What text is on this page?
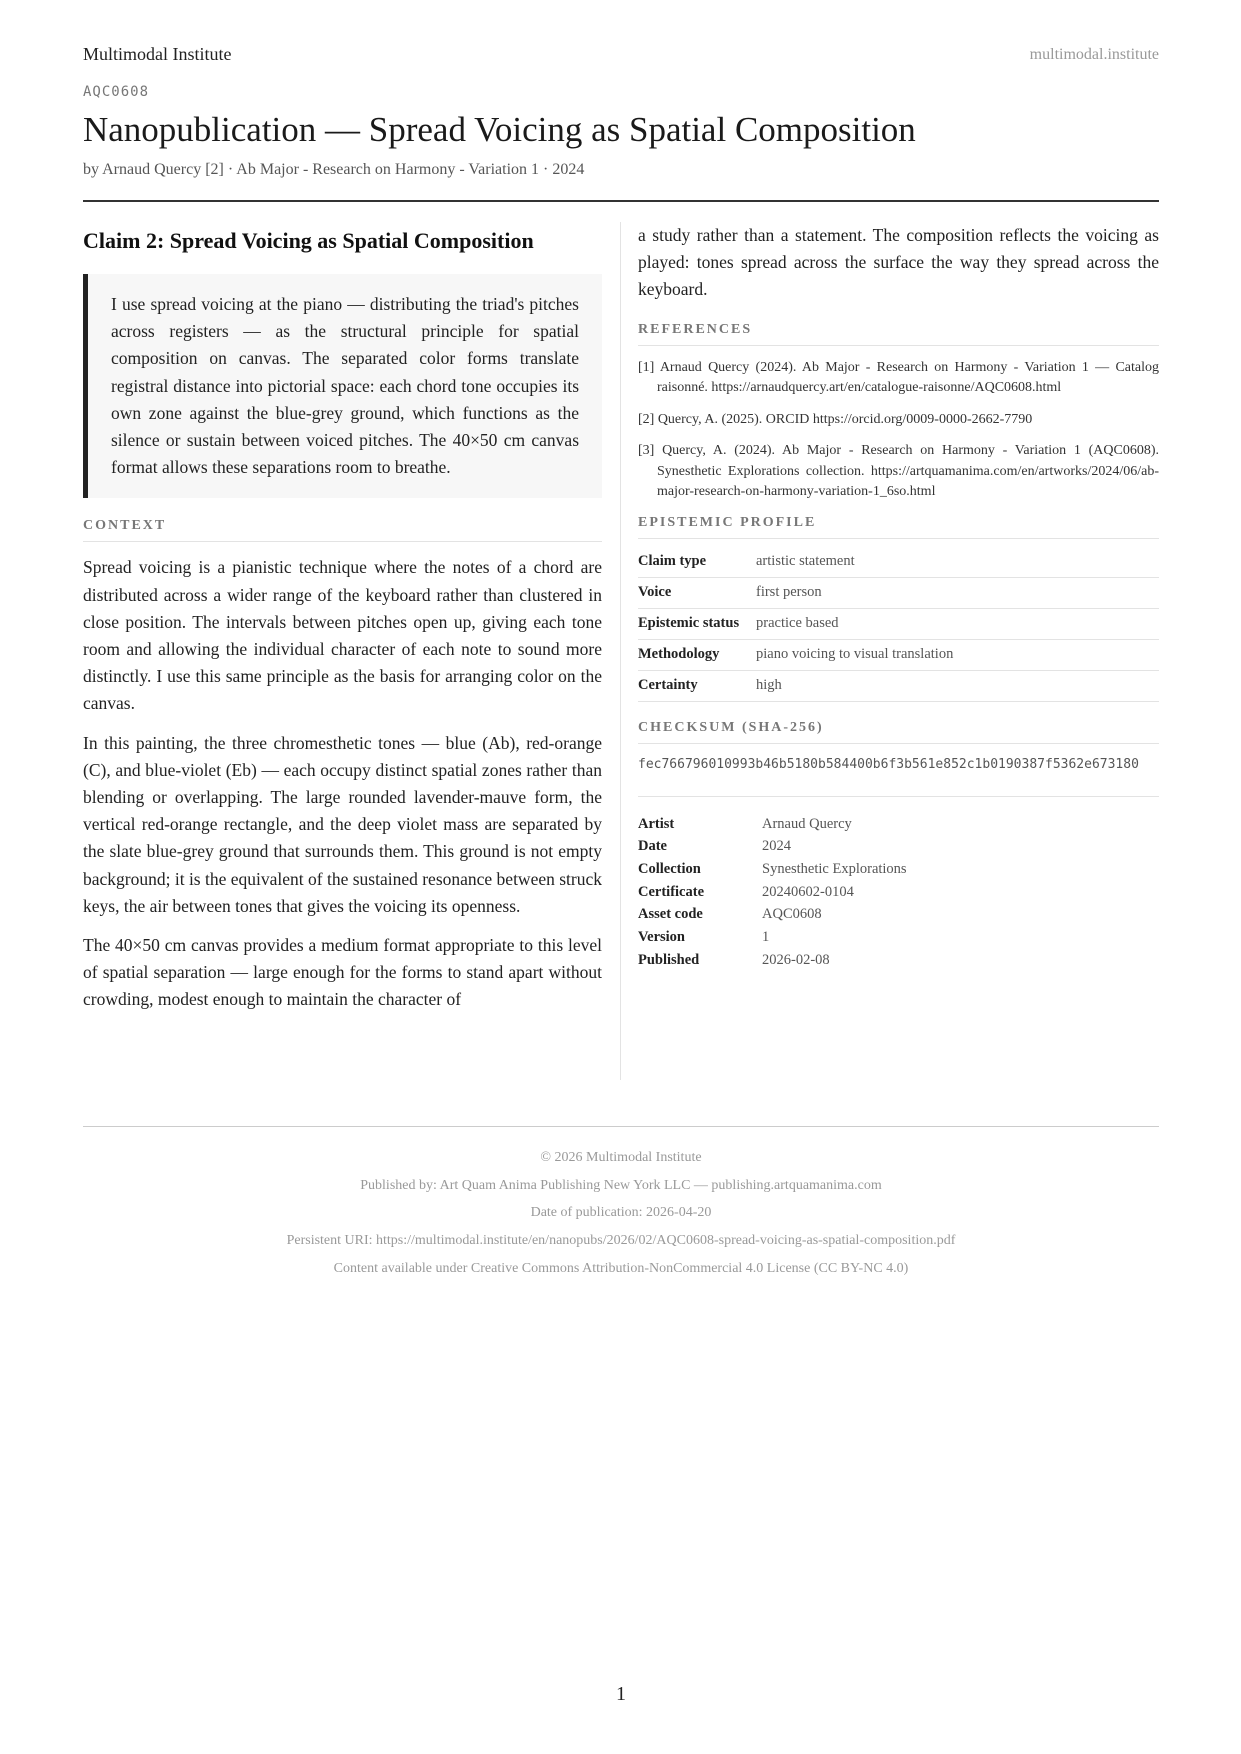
Multimodal Institute	multimodal.institute
AQC0608
Nanopublication — Spread Voicing as Spatial Composition
by Arnaud Quercy [2] · Ab Major - Research on Harmony - Variation 1 · 2024
Claim 2: Spread Voicing as Spatial Composition
I use spread voicing at the piano — distributing the triad's pitches across registers — as the structural principle for spatial composition on canvas. The separated color forms translate registral distance into pictorial space: each chord tone occupies its own zone against the blue-grey ground, which functions as the silence or sustain between voiced pitches. The 40×50 cm canvas format allows these separations room to breathe.
CONTEXT

Spread voicing is a pianistic technique where the notes of a chord are distributed across a wider range of the keyboard rather than clustered in close position. The intervals between pitches open up, giving each tone room and allowing the individual character of each note to sound more distinctly. I use this same principle as the basis for arranging color on the canvas.

In this painting, the three chromesthetic tones — blue (Ab), red-orange (C), and blue-violet (Eb) — each occupy distinct spatial zones rather than blending or overlapping. The large rounded lavender-mauve form, the vertical red-orange rectangle, and the deep violet mass are separated by the slate blue-grey ground that surrounds them. This ground is not empty background; it is the equivalent of the sustained resonance between struck keys, the air between tones that gives the voicing its openness.

The 40×50 cm canvas provides a medium format appropriate to this level of spatial separation — large enough for the forms to stand apart without crowding, modest enough to maintain the character of

a study rather than a statement. The composition reflects the voicing as played: tones spread across the surface the way they spread across the keyboard.

REFERENCES
[1] Arnaud Quercy (2024). Ab Major - Research on Harmony - Variation 1 — Catalog raisonné. https://arnaudquercy.art/en/catalogue-raisonne/AQC0608.html
[2] Quercy, A. (2025). ORCID https://orcid.org/0009-0000-2662-7790
[3] Quercy, A. (2024). Ab Major - Research on Harmony - Variation 1 (AQC0608). Synesthetic Explorations collection. https://artquamanima.com/en/artworks/2024/06/ab-major-research-on-harmony-variation-1_6so.html
EPISTEMIC PROFILE
Claim type	artistic statement
Voice	first person
Epistemic status	practice based
Methodology	piano voicing to visual translation
Certainty	high
CHECKSUM (SHA-256)
fec766796010993b46b5180b584400b6f3b561e852c1b0190387f5362e673180
Artist	Arnaud Quercy
Date	2024
Collection	Synesthetic Explorations
Certificate	20240602-0104
Asset code	AQC0608
Version	1
Published	2026-02-08
© 2026 Multimodal Institute
Published by: Art Quam Anima Publishing New York LLC — publishing.artquamanima.com
Date of publication: 2026-04-20
Persistent URI: https://multimodal.institute/en/nanopubs/2026/02/AQC0608-spread-voicing-as-spatial-composition.pdf
Content available under Creative Commons Attribution-NonCommercial 4.0 License (CC BY-NC 4.0)
1
